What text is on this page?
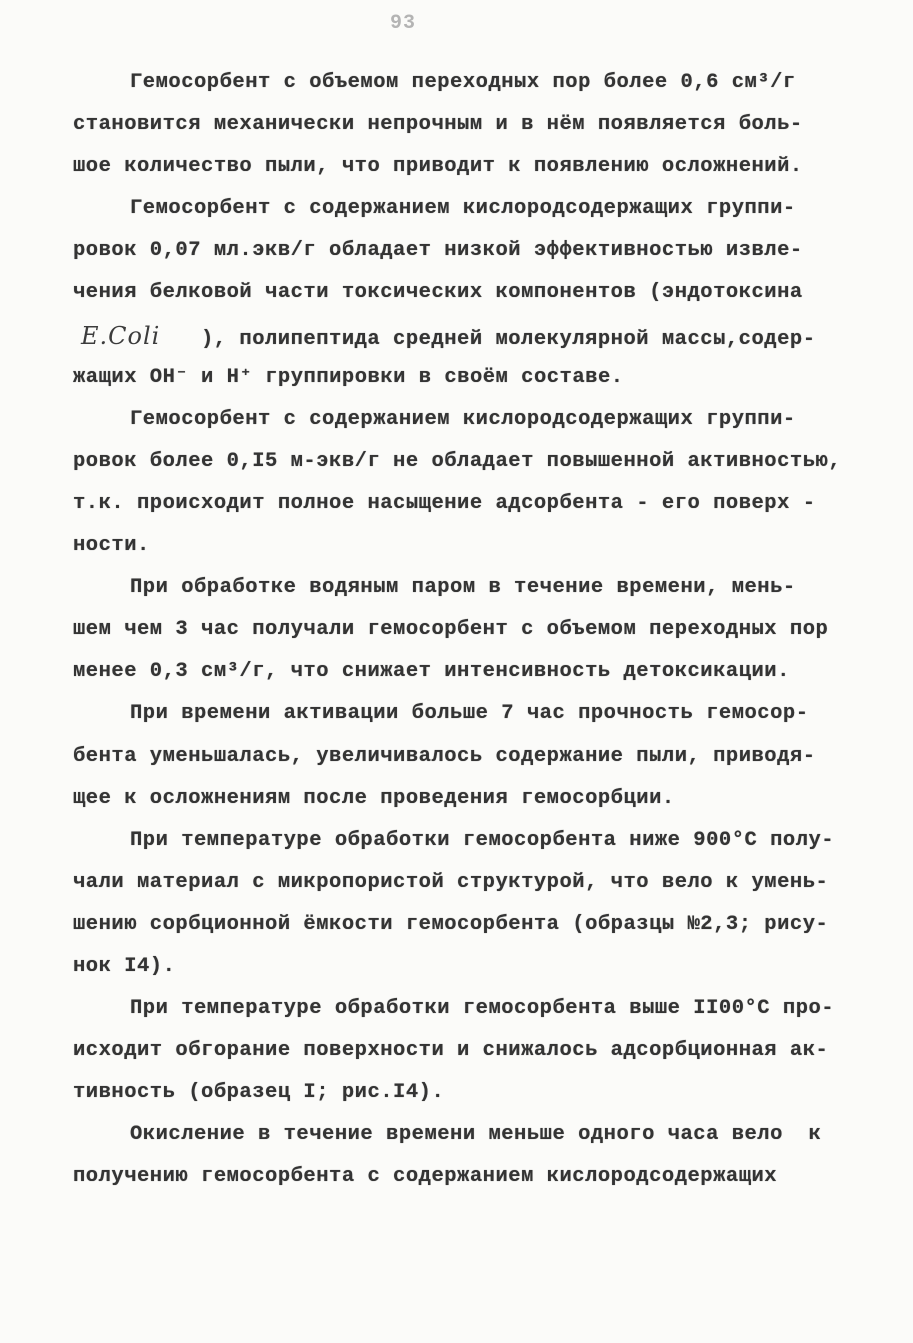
93
Гемосорбент с объемом переходных пор более 0,6 см³/г
становится механически непрочным и в нём появляется боль-
шое количество пыли, что приводит к появлению осложнений.
Гемосорбент с содержанием кислородсодержащих группи-
ровок 0,07 мл.экв/г обладает низкой эффективностью извле-
чения белковой части токсических компонентов (эндотоксина
E.Coli ), полипептида средней молекулярной массы,содер-
жащих OH⁻ и H⁺ группировки в своём составе.
Гемосорбент с содержанием кислородсодержащих группи-
ровок более 0,I5 м-экв/г не обладает повышенной активностью,
т.к. происходит полное насыщение адсорбента - его поверх -
ности.
При обработке водяным паром в течение времени, мень-
шем чем 3 час получали гемосорбент с объемом переходных пор
менее 0,3 см³/г, что снижает интенсивность детоксикации.
При времени активации больше 7 час прочность гемосор-
бента уменьшалась, увеличивалось содержание пыли, приводя-
щее к осложнениям после проведения гемосорбции.
При температуре обработки гемосорбента ниже 900°С полу-
чали материал с микропористой структурой, что вело к умень-
шению сорбционной ёмкости гемосорбента (образцы №2,3; рису-
нок I4).
При температуре обработки гемосорбента выше II00°С про-
исходит обгорание поверхности и снижалось адсорбционная ак-
тивность (образец I; рис.I4).
Окисление в течение времени меньше одного часа вело  к
получению гемосорбента с содержанием кислородсодержащих
